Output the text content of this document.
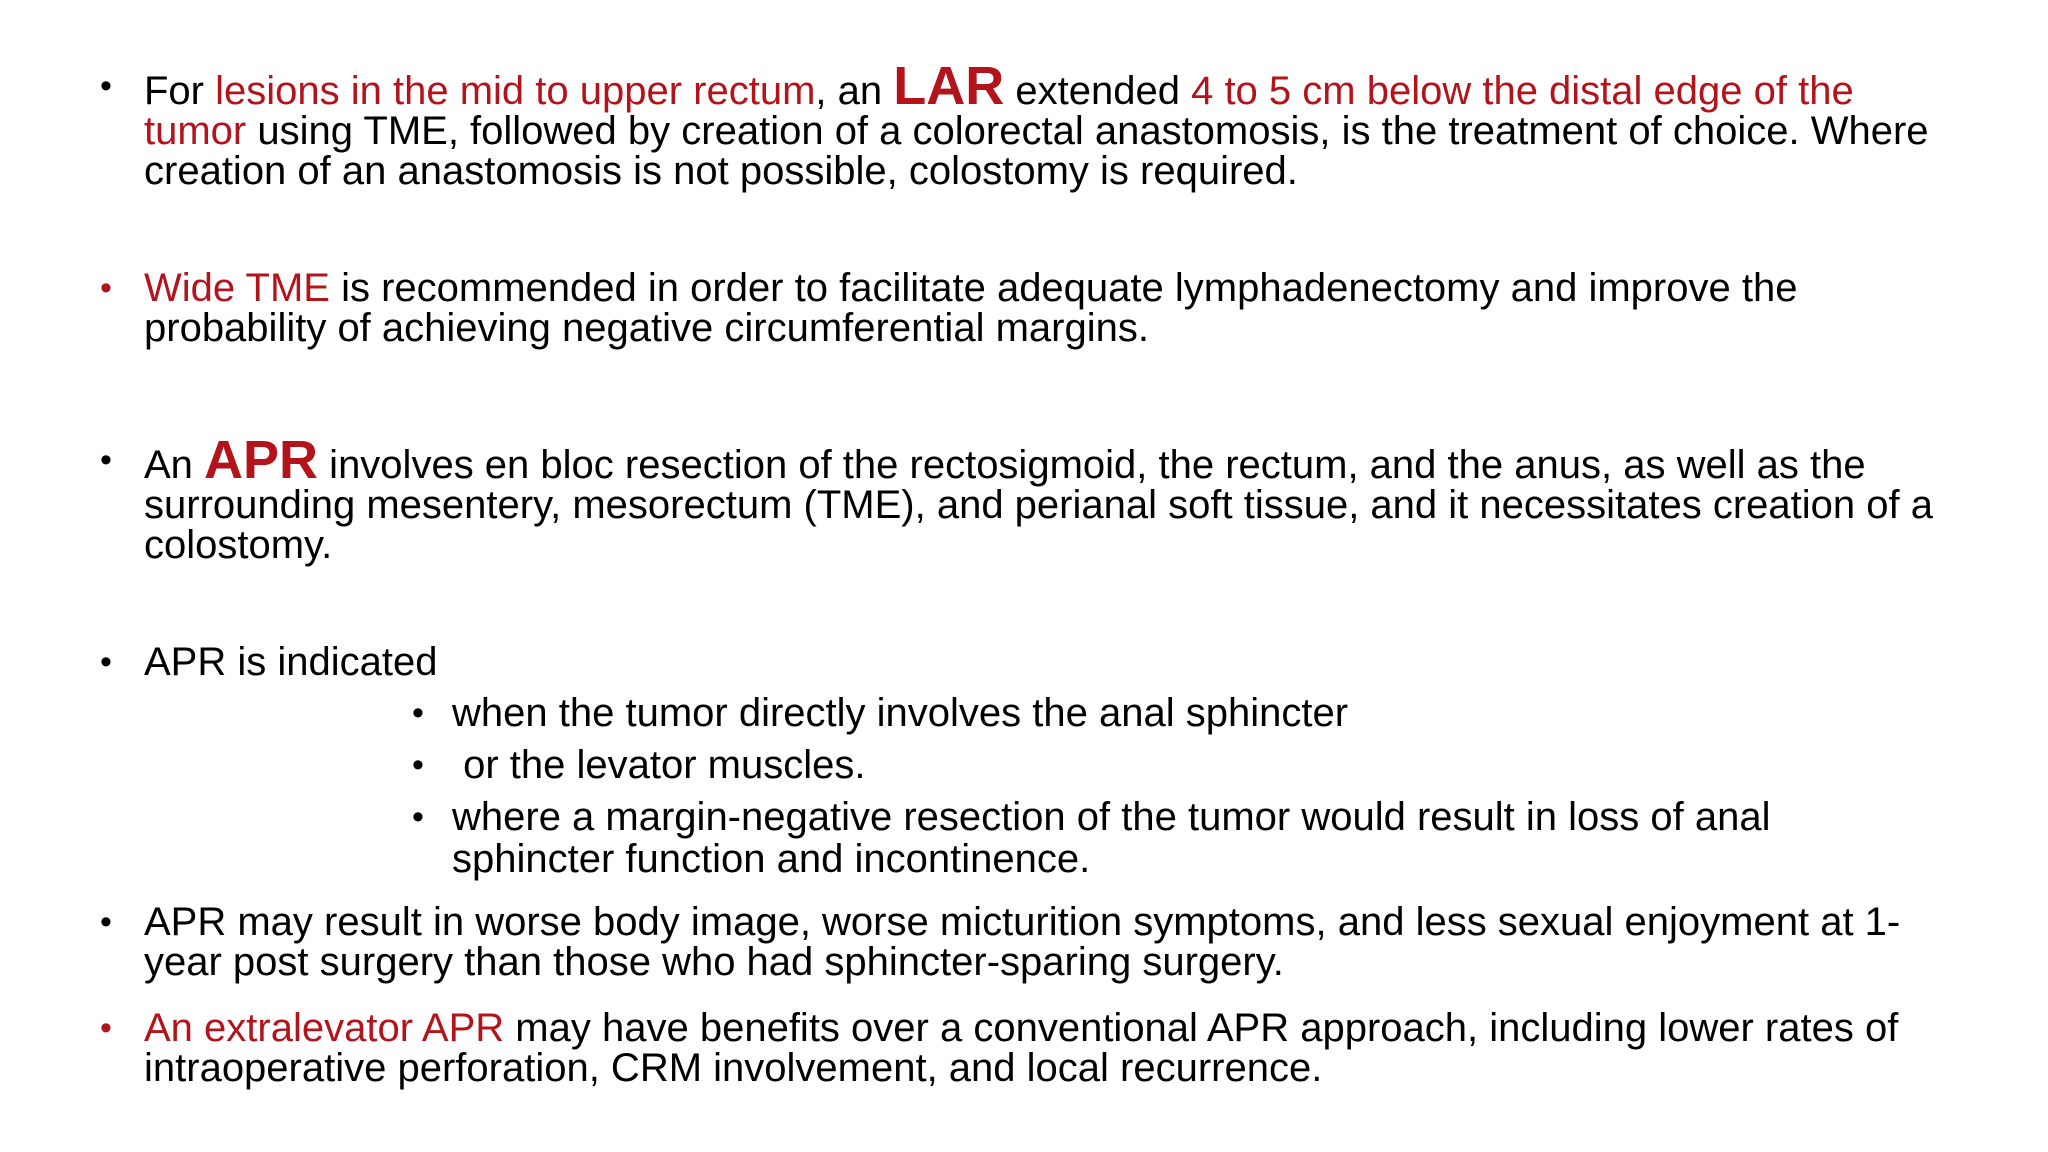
• For lesions in the mid to upper rectum, an LAR extended 4 to 5 cm below the distal edge of the tumor using TME, followed by creation of a colorectal anastomosis, is the treatment of choice. Where creation of an anastomosis is not possible, colostomy is required.
• Wide TME is recommended in order to facilitate adequate lymphadenectomy and improve the probability of achieving negative circumferential margins.
• An APR involves en bloc resection of the rectosigmoid, the rectum, and the anus, as well as the surrounding mesentery, mesorectum (TME), and perianal soft tissue, and it necessitates creation of a colostomy.
• APR is indicated
• when the tumor directly involves the anal sphincter
• or the levator muscles.
• where a margin-negative resection of the tumor would result in loss of anal sphincter function and incontinence.
• APR may result in worse body image, worse micturition symptoms, and less sexual enjoyment at 1-year post surgery than those who had sphincter-sparing surgery.
• An extralevator APR may have benefits over a conventional APR approach, including lower rates of intraoperative perforation, CRM involvement, and local recurrence.
